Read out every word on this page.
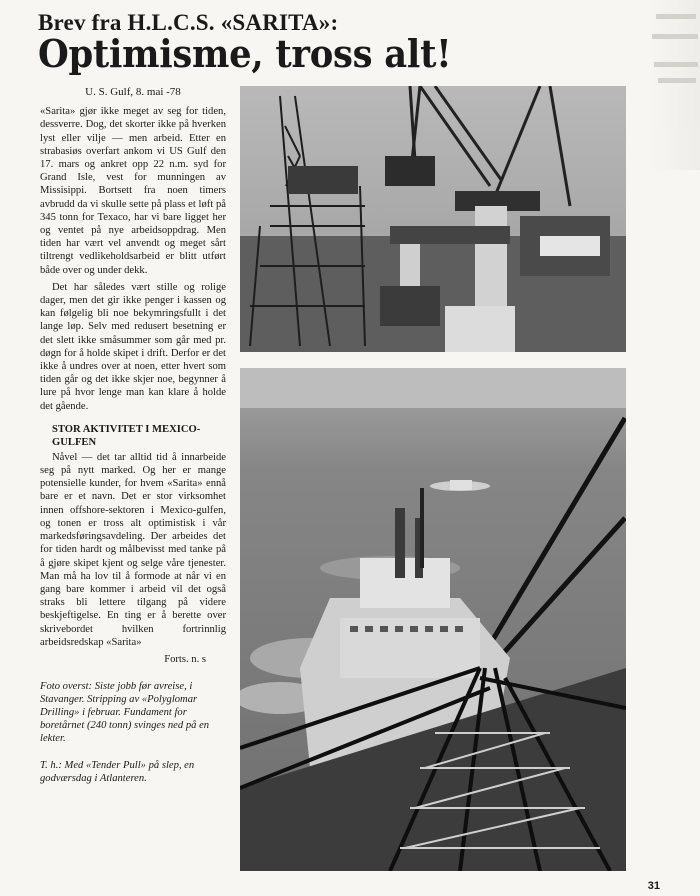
Brev fra H.L.C.S. «SARITA»:
Optimisme, tross alt!
U. S. Gulf, 8. mai -78

«Sarita» gjør ikke meget av seg for tiden, dessverre. Dog, det skorter ikke på hverken lyst eller vilje — men arbeid. Etter en strabasiøs overfart ankom vi US Gulf den 17. mars og ankret opp 22 n.m. syd for Grand Isle, vest for munningen av Missisippi. Bortsett fra noen timers avbrudd da vi skulle sette på plass et løft på 345 tonn for Texaco, har vi bare ligget her og ventet på nye arbeidsoppdrag. Men tiden har vært vel anvendt og meget sårt tiltrengt vedlikeholdsarbeid er blitt utført både over og under dekk.

Det har således vært stille og rolige dager, men det gir ikke penger i kassen og kan følgelig bli noe bekymringsfullt i det lange løp. Selv med redusert besetning er det slett ikke småsummer som går med pr. døgn for å holde skipet i drift. Derfor er det ikke å undres over at noen, etter hvert som tiden går og det ikke skjer noe, begynner å lure på hvor lenge man kan klare å holde det gående.

STOR AKTIVITET I MEXICO-GULFEN

Nåvel — det tar alltid tid å innarbeide seg på nytt marked. Og her er mange potensielle kunder, for hvem «Sarita» ennå bare er et navn. Det er stor virksomhet innen offshore-sektoren i Mexico-gulfen, og tonen er tross alt optimistisk i vår markedsføringsavdeling. Der arbeides det for tiden hardt og målbevisst med tanke på å gjøre skipet kjent og selge våre tjenester. Man må ha lov til å formode at når vi en gang bare kommer i arbeid vil det også straks bli lettere tilgang på videre beskjeftigelse. En ting er å berette over skrivebordet hvilken fortrinnlig arbeidsredskap «Sarita»

Forts. n. s
Foto overst: Siste jobb før avreise, i Stavanger. Stripping av «Polyglomar Drilling» i februar. Fundament for boretårnet (240 tonn) svinges ned på en lekter.
T. h.: Med «Tender Pull» på slep, en godværsdag i Atlanteren.
31
